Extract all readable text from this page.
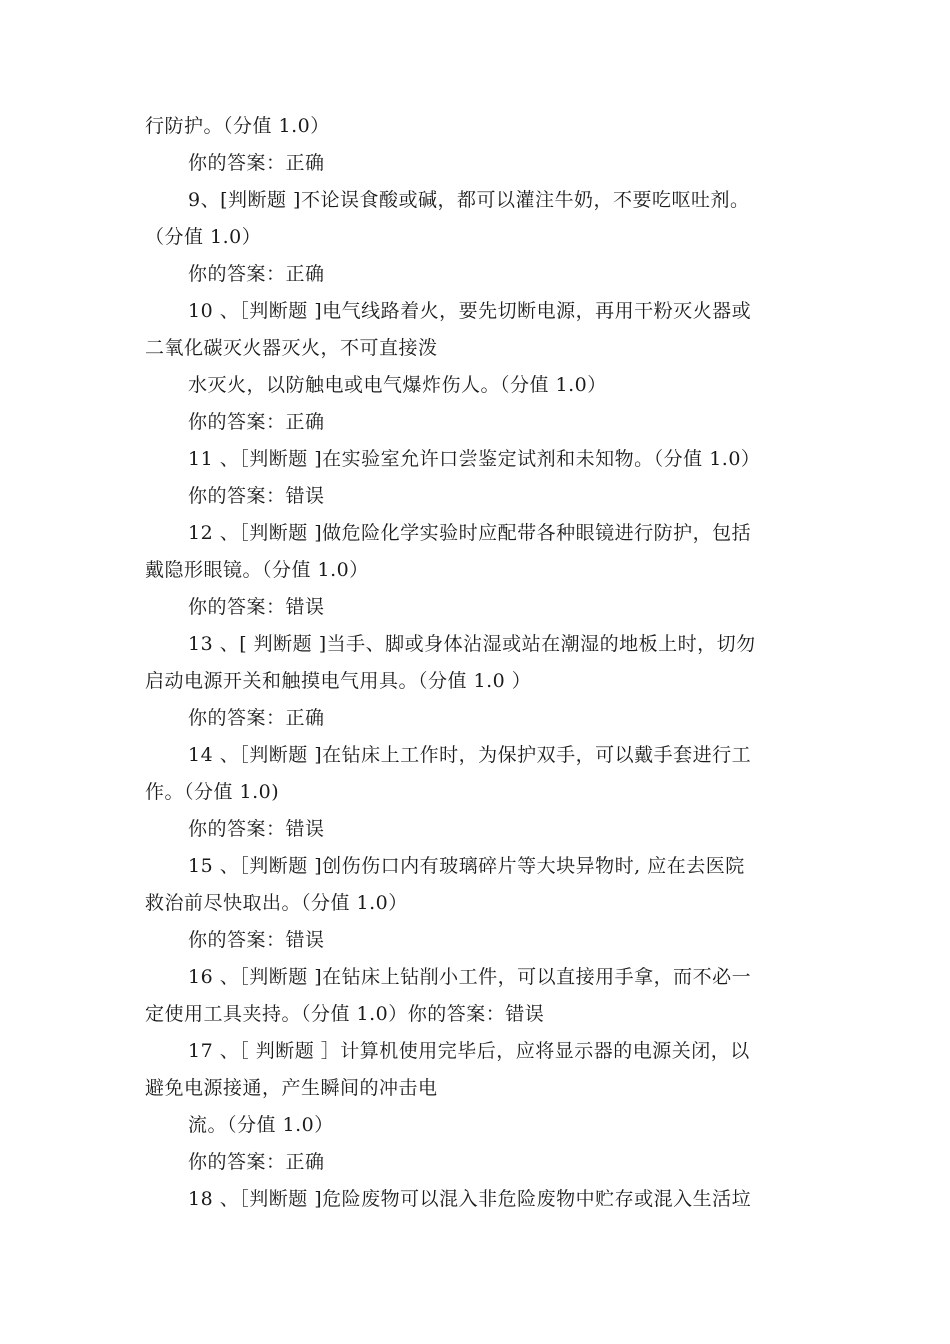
行防护。（分值 1.0）
你的答案：正确
9、[判断题 ]不论误食酸或碱，都可以灌注牛奶，不要吃呕吐剂。
（分值 1.0）
你的答案：正确
10 、［判断题 ]电气线路着火，要先切断电源，再用干粉灭火器或
二氧化碳灭火器灭火，不可直接泼
水灭火，以防触电或电气爆炸伤人。（分值 1.0）
你的答案：正确
11 、［判断题 ]在实验室允许口尝鉴定试剂和未知物。（分值 1.0）
你的答案：错误
12 、［判断题 ]做危险化学实验时应配带各种眼镜进行防护，包括
戴隐形眼镜。（分值 1.0）
你的答案：错误
13 、[ 判断题 ]当手、脚或身体沾湿或站在潮湿的地板上时，切勿
启动电源开关和触摸电气用具。（分值 1.0 ）
你的答案：正确
14 、［判断题 ]在钻床上工作时，为保护双手，可以戴手套进行工
作。（分值 1.0)
你的答案：错误
15 、［判断题 ]创伤伤口内有玻璃碎片等大块异物时, 应在去医院
救治前尽快取出。（分值 1.0）
你的答案：错误
16 、［判断题 ]在钻床上钻削小工件，可以直接用手拿，而不必一
定使用工具夹持。（分值 1.0）你的答案：错误
17 、［ 判断题 ］计算机使用完毕后，应将显示器的电源关闭，以
避免电源接通，产生瞬间的冲击电
流。（分值 1.0）
你的答案：正确
18 、［判断题 ]危险废物可以混入非危险废物中贮存或混入生活垃
